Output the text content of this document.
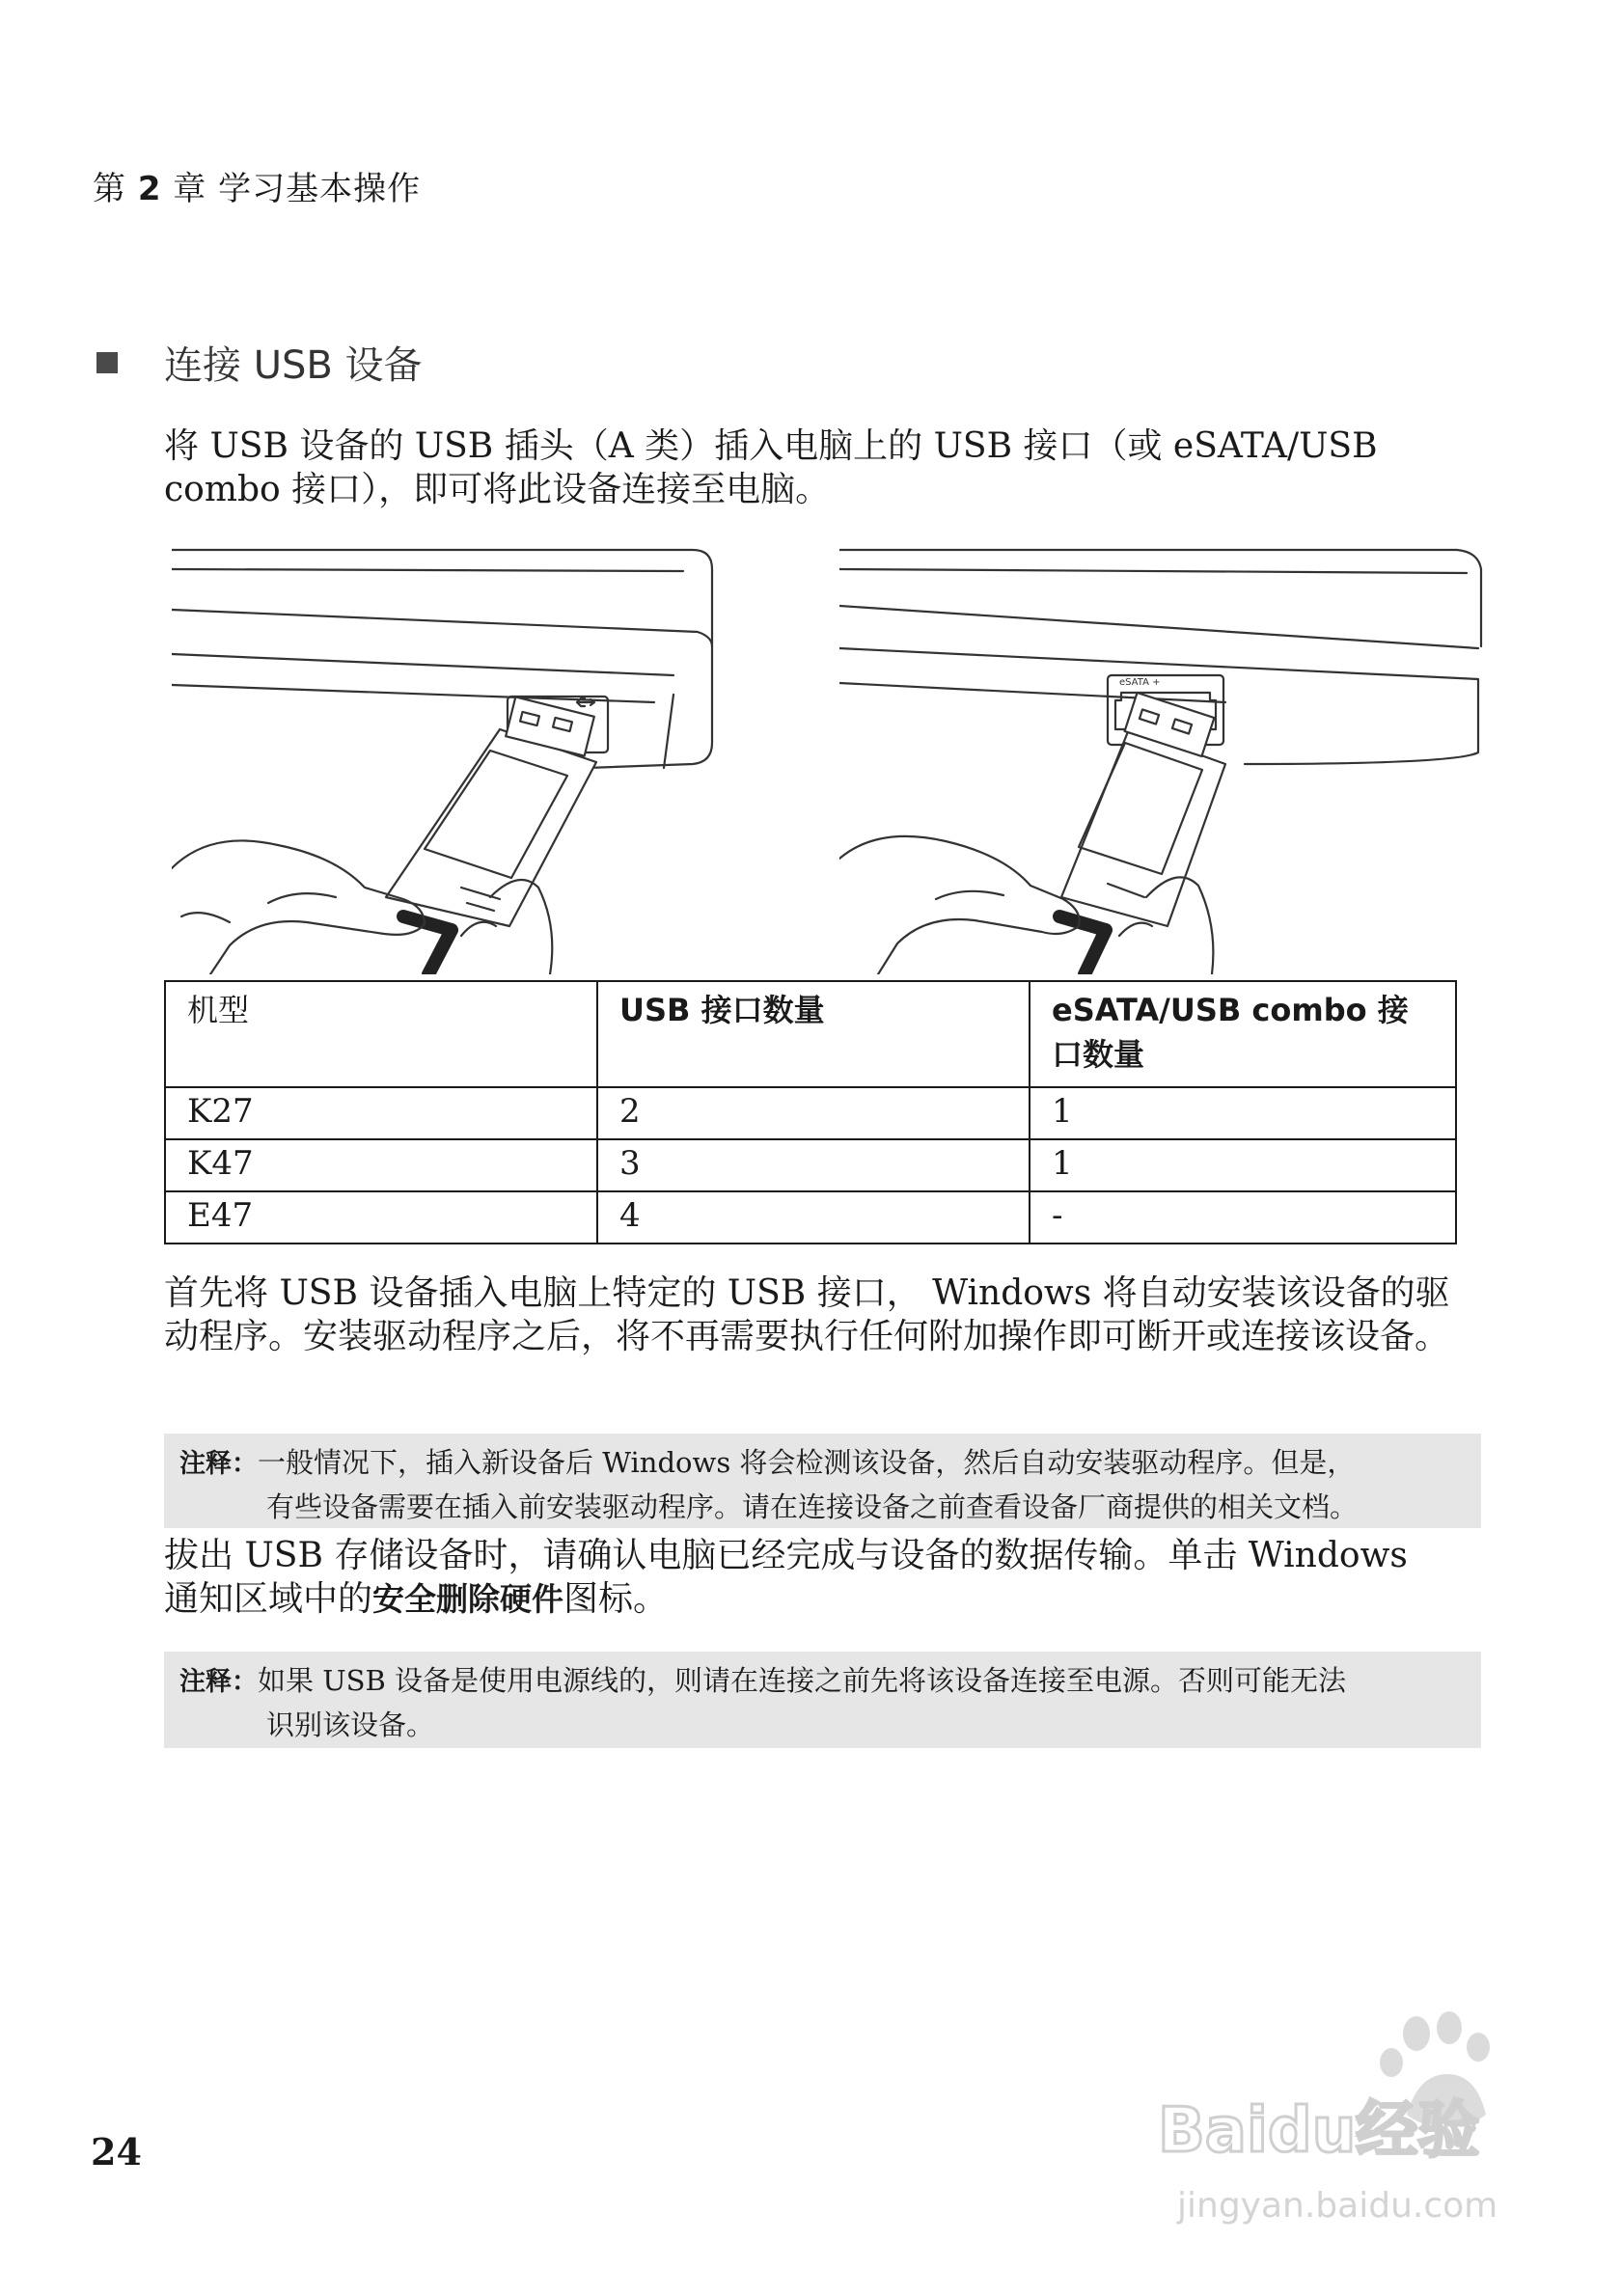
第 2 章 学习基本操作
连接 USB 设备
将 USB 设备的 USB 插头（A 类）插入电脑上的 USB 接口（或 eSATA/USB combo 接口），即可将此设备连接至电脑。
eSATA +
机型	USB 接口数量	eSATA/USB combo 接口数量
K27	2	1
K47	3	1
E47	4	-
首先将 USB 设备插入电脑上特定的 USB 接口， Windows 将自动安装该设备的驱动程序。安装驱动程序之后，将不再需要执行任何附加操作即可断开或连接该设备。
注释：一般情况下，插入新设备后 Windows 将会检测该设备，然后自动安装驱动程序。但是，
有些设备需要在插入前安装驱动程序。请在连接设备之前查看设备厂商提供的相关文档。
拔出 USB 存储设备时，请确认电脑已经完成与设备的数据传输。单击 Windows 通知区域中的安全删除硬件图标。
注释：如果 USB 设备是使用电源线的，则请在连接之前先将该设备连接至电源。否则可能无法
识别该设备。
24	Baidu经验
jingyan.baidu.com
